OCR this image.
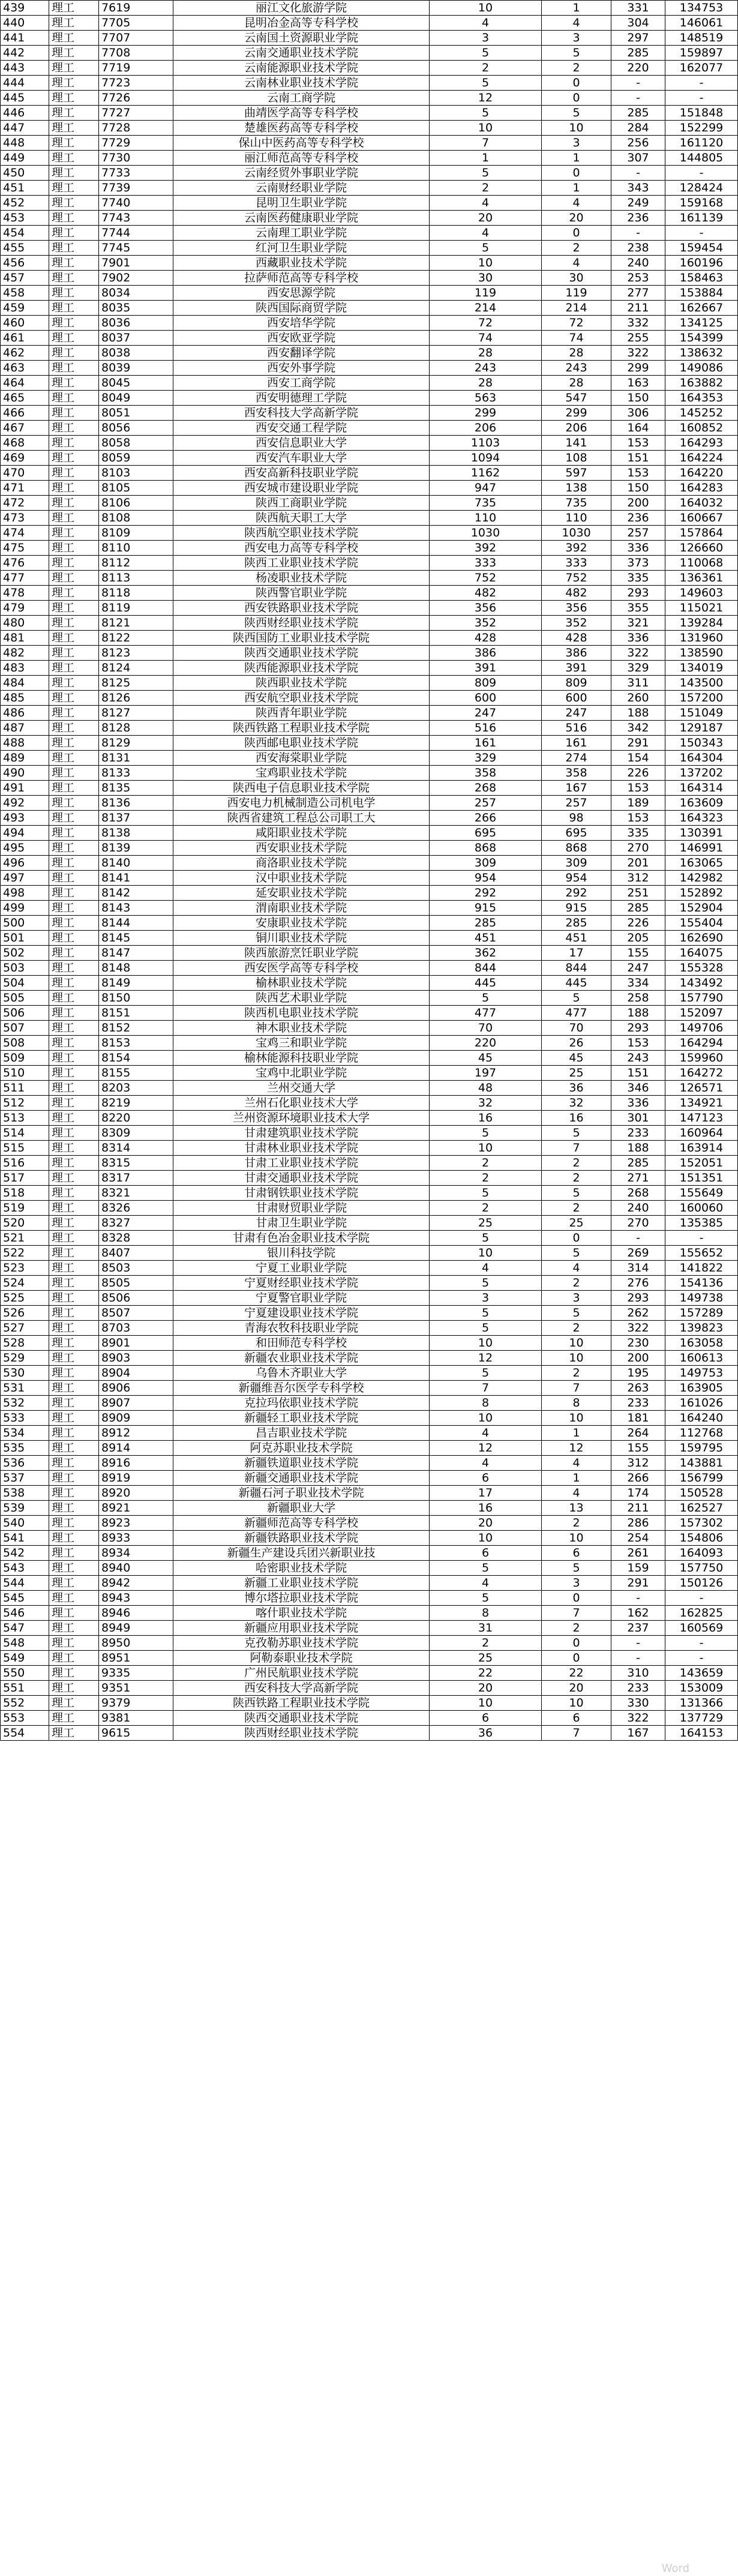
439	理工	7619	丽江文化旅游学院	10	1	331	134753
440	理工	7705	昆明冶金高等专科学校	4	4	304	146061
441	理工	7707	云南国土资源职业学院	3	3	297	148519
442	理工	7708	云南交通职业技术学院	5	5	285	159897
443	理工	7719	云南能源职业技术学院	2	2	220	162077
444	理工	7723	云南林业职业技术学院	5	0	-	-
445	理工	7726	云南工商学院	12	0	-	-
446	理工	7727	曲靖医学高等专科学校	5	5	285	151848
447	理工	7728	楚雄医药高等专科学校	10	10	284	152299
448	理工	7729	保山中医药高等专科学校	7	3	256	161120
449	理工	7730	丽江师范高等专科学校	1	1	307	144805
450	理工	7733	云南经贸外事职业学院	5	0	-	-
451	理工	7739	云南财经职业学院	2	1	343	128424
452	理工	7740	昆明卫生职业学院	4	4	249	159168
453	理工	7743	云南医药健康职业学院	20	20	236	161139
454	理工	7744	云南理工职业学院	4	0	-	-
455	理工	7745	红河卫生职业学院	5	2	238	159454
456	理工	7901	西藏职业技术学院	10	4	240	160196
457	理工	7902	拉萨师范高等专科学校	30	30	253	158463
458	理工	8034	西安思源学院	119	119	277	153884
459	理工	8035	陕西国际商贸学院	214	214	211	162667
460	理工	8036	西安培华学院	72	72	332	134125
461	理工	8037	西安欧亚学院	74	74	255	154399
462	理工	8038	西安翻译学院	28	28	322	138632
463	理工	8039	西安外事学院	243	243	299	149086
464	理工	8045	西安工商学院	28	28	163	163882
465	理工	8049	西安明德理工学院	563	547	150	164353
466	理工	8051	西安科技大学高新学院	299	299	306	145252
467	理工	8056	西安交通工程学院	206	206	164	160852
468	理工	8058	西安信息职业大学	1103	141	153	164293
469	理工	8059	西安汽车职业大学	1094	108	151	164224
470	理工	8103	西安高新科技职业学院	1162	597	153	164220
471	理工	8105	西安城市建设职业学院	947	138	150	164283
472	理工	8106	陕西工商职业学院	735	735	200	164032
473	理工	8108	陕西航天职工大学	110	110	236	160667
474	理工	8109	陕西航空职业技术学院	1030	1030	257	157864
475	理工	8110	西安电力高等专科学校	392	392	336	126660
476	理工	8112	陕西工业职业技术学院	333	333	373	110068
477	理工	8113	杨凌职业技术学院	752	752	335	136361
478	理工	8118	陕西警官职业学院	482	482	293	149603
479	理工	8119	西安铁路职业技术学院	356	356	355	115021
480	理工	8121	陕西财经职业技术学院	352	352	321	139284
481	理工	8122	陕西国防工业职业技术学院	428	428	336	131960
482	理工	8123	陕西交通职业技术学院	386	386	322	138590
483	理工	8124	陕西能源职业技术学院	391	391	329	134019
484	理工	8125	陕西职业技术学院	809	809	311	143500
485	理工	8126	西安航空职业技术学院	600	600	260	157200
486	理工	8127	陕西青年职业学院	247	247	188	151049
487	理工	8128	陕西铁路工程职业技术学院	516	516	342	129187
488	理工	8129	陕西邮电职业技术学院	161	161	291	150343
489	理工	8131	西安海棠职业学院	329	274	154	164304
490	理工	8133	宝鸡职业技术学院	358	358	226	137202
491	理工	8135	陕西电子信息职业技术学院	268	167	153	164314
492	理工	8136	西安电力机械制造公司机电学	257	257	189	163609
493	理工	8137	陕西省建筑工程总公司职工大	266	98	153	164323
494	理工	8138	咸阳职业技术学院	695	695	335	130391
495	理工	8139	西安职业技术学院	868	868	270	146991
496	理工	8140	商洛职业技术学院	309	309	201	163065
497	理工	8141	汉中职业技术学院	954	954	312	142982
498	理工	8142	延安职业技术学院	292	292	251	152892
499	理工	8143	渭南职业技术学院	915	915	285	152904
500	理工	8144	安康职业技术学院	285	285	226	155404
501	理工	8145	铜川职业技术学院	451	451	205	162690
502	理工	8147	陕西旅游烹饪职业学院	362	17	155	164075
503	理工	8148	西安医学高等专科学校	844	844	247	155328
504	理工	8149	榆林职业技术学院	445	445	334	143492
505	理工	8150	陕西艺术职业学院	5	5	258	157790
506	理工	8151	陕西机电职业技术学院	477	477	188	152097
507	理工	8152	神木职业技术学院	70	70	293	149706
508	理工	8153	宝鸡三和职业学院	220	26	153	164294
509	理工	8154	榆林能源科技职业学院	45	45	243	159960
510	理工	8155	宝鸡中北职业学院	197	25	151	164272
511	理工	8203	兰州交通大学	48	36	346	126571
512	理工	8219	兰州石化职业技术大学	32	32	336	134921
513	理工	8220	兰州资源环境职业技术大学	16	16	301	147123
514	理工	8309	甘肃建筑职业技术学院	5	5	233	160964
515	理工	8314	甘肃林业职业技术学院	10	7	188	163914
516	理工	8315	甘肃工业职业技术学院	2	2	285	152051
517	理工	8317	甘肃交通职业技术学院	2	2	271	151351
518	理工	8321	甘肃钢铁职业技术学院	5	5	268	155649
519	理工	8326	甘肃财贸职业学院	2	2	240	160060
520	理工	8327	甘肃卫生职业学院	25	25	270	135385
521	理工	8328	甘肃有色冶金职业技术学院	5	0	-	-
522	理工	8407	银川科技学院	10	5	269	155652
523	理工	8503	宁夏工业职业学院	4	4	314	141822
524	理工	8505	宁夏财经职业技术学院	5	2	276	154136
525	理工	8506	宁夏警官职业学院	3	3	293	149738
526	理工	8507	宁夏建设职业技术学院	5	5	262	157289
527	理工	8703	青海农牧科技职业学院	5	2	322	139823
528	理工	8901	和田师范专科学校	10	10	230	163058
529	理工	8903	新疆农业职业技术学院	12	10	200	160613
530	理工	8904	乌鲁木齐职业大学	5	2	195	149753
531	理工	8906	新疆维吾尔医学专科学校	7	7	263	163905
532	理工	8907	克拉玛依职业技术学院	8	8	233	161026
533	理工	8909	新疆轻工职业技术学院	10	10	181	164240
534	理工	8912	昌吉职业技术学院	4	1	264	112768
535	理工	8914	阿克苏职业技术学院	12	12	155	159795
536	理工	8916	新疆铁道职业技术学院	4	4	312	143881
537	理工	8919	新疆交通职业技术学院	6	1	266	156799
538	理工	8920	新疆石河子职业技术学院	17	4	174	150528
539	理工	8921	新疆职业大学	16	13	211	162527
540	理工	8923	新疆师范高等专科学校	20	2	286	157302
541	理工	8933	新疆铁路职业技术学院	10	10	254	154806
542	理工	8934	新疆生产建设兵团兴新职业技	6	6	261	164093
543	理工	8940	哈密职业技术学院	5	5	159	157750
544	理工	8942	新疆工业职业技术学院	4	3	291	150126
545	理工	8943	博尔塔拉职业技术学院	5	0	-	-
546	理工	8946	喀什职业技术学院	8	7	162	162825
547	理工	8949	新疆应用职业技术学院	31	2	237	160569
548	理工	8950	克孜勒苏职业技术学院	2	0	-	-
549	理工	8951	阿勒泰职业技术学院	25	0	-	-
550	理工	9335	广州民航职业技术学院	22	22	310	143659
551	理工	9351	西安科技大学高新学院	20	20	233	153009
552	理工	9379	陕西铁路工程职业技术学院	10	10	330	131366
553	理工	9381	陕西交通职业技术学院	6	6	322	137729
554	理工	9615	陕西财经职业技术学院	36	7	167	164153
Word
